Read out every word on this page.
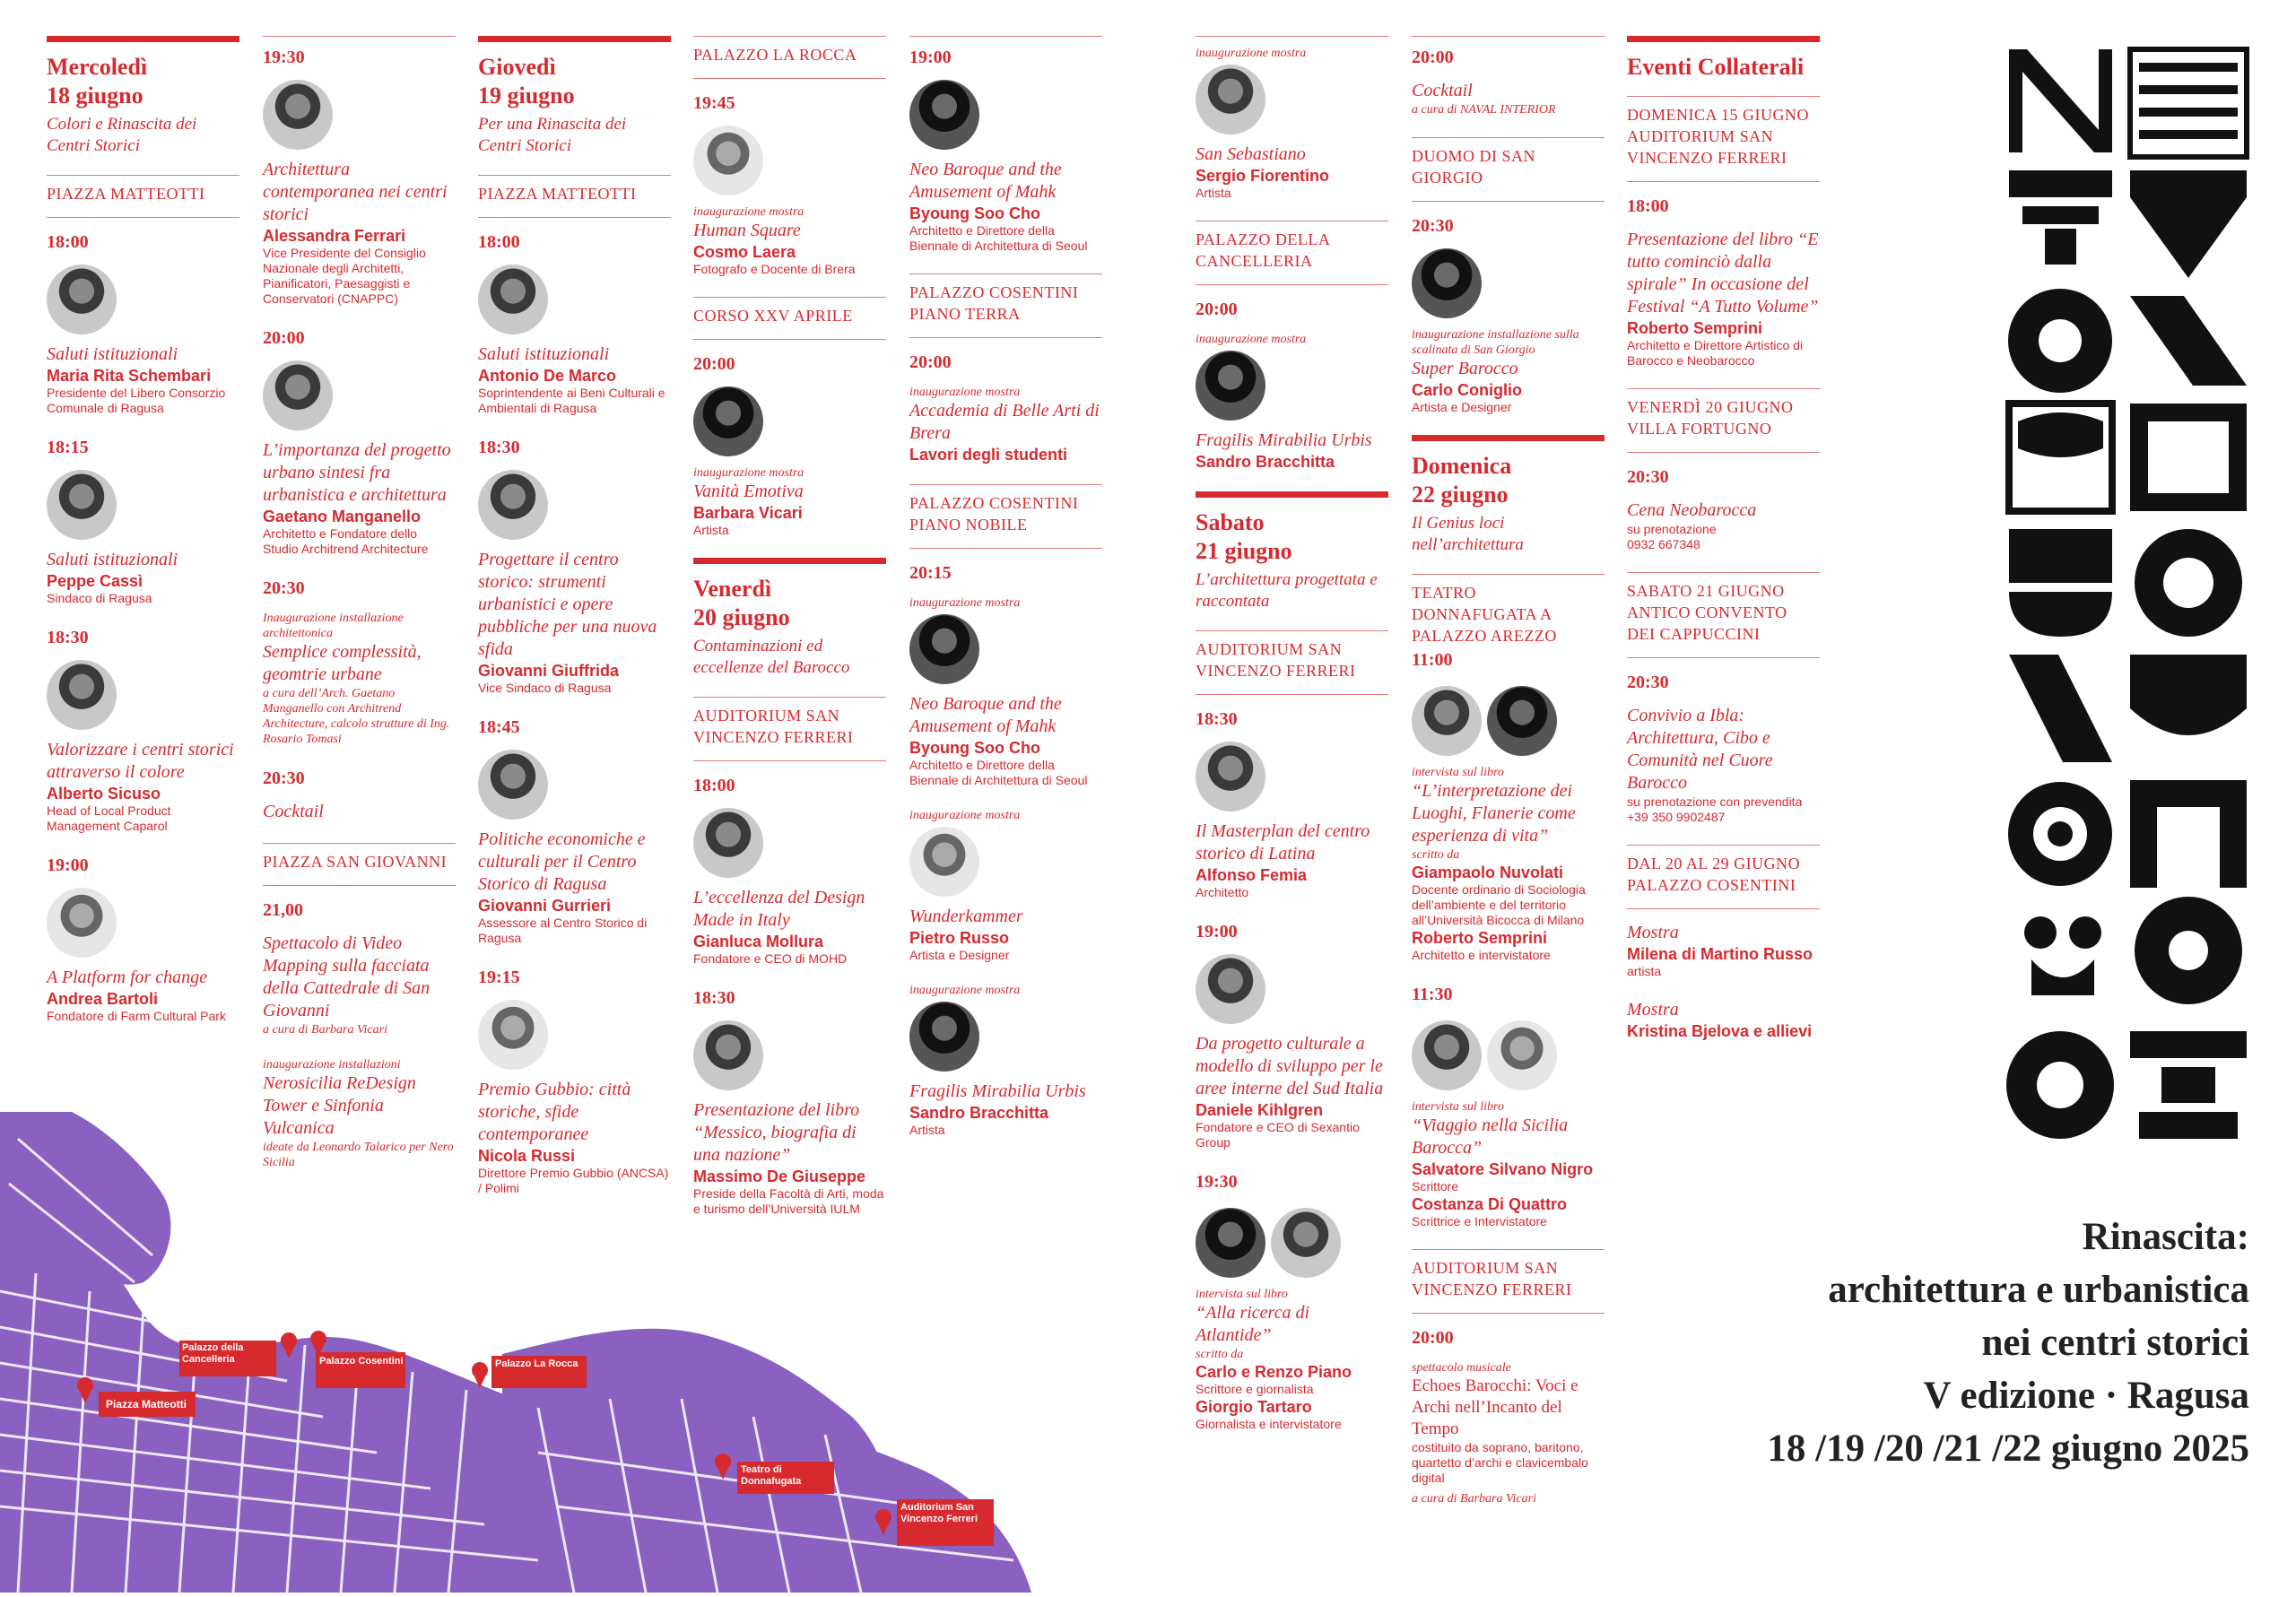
Mercoledì
18 giugno
Colori e Rinascita dei Centri Storici
PIAZZA MATTEOTTI
18:00
Saluti istituzionali
Maria Rita Schembari
Presidente del Libero Consorzio Comunale di Ragusa
18:15
Saluti istituzionali
Peppe Cassì
Sindaco di Ragusa
18:30
Valorizzare i centri storici attraverso il colore
Alberto Sicuso
Head of Local Product Management Caparol
19:00
A Platform for change
Andrea Bartoli
Fondatore di Farm Cultural Park
19:30
Architettura contemporanea nei centri storici
Alessandra Ferrari
Vice Presidente del Consiglio Nazionale degli Architetti, Pianificatori, Paesaggisti e Conservatori (CNAPPC)
20:00
L’importanza del progetto urbano sintesi fra urbanistica e architettura
Gaetano Manganello
Architetto e Fondatore dello Studio Architrend Architecture
20:30
Inaugurazione installazione architettonica
Semplice complessità, geomtrie urbane
a cura dell’Arch. Gaetano Manganello con Architrend Architecture, calcolo strutture di Ing. Rosario Tomasi
20:30
Cocktail
PIAZZA SAN GIOVANNI
21,00
Spettacolo di Video Mapping sulla facciata della Cattedrale di San Giovanni
a cura di Barbara Vicari
inaugurazione installazioni
Nerosicilia ReDesign Tower e Sinfonia Vulcanica
ideate da Leonardo Talarico per Nero Sicilia
Giovedì
19 giugno
Per una Rinascita dei Centri Storici
PIAZZA MATTEOTTI
18:00
Saluti istituzionali
Antonio De Marco
Soprintendente ai Beni Culturali e Ambientali di Ragusa
18:30
Progettare il centro storico: strumenti urbanistici e opere pubbliche per una nuova sfida
Giovanni Giuffrida
Vice Sindaco di Ragusa
18:45
Politiche economiche e culturali per il Centro Storico di Ragusa
Giovanni Gurrieri
Assessore al Centro Storico di Ragusa
19:15
Premio Gubbio: città storiche, sfide contemporanee
Nicola Russi
Direttore Premio Gubbio (ANCSA) / Polimi
PALAZZO LA ROCCA
19:45
inaugurazione mostra
Human Square
Cosmo Laera
Fotografo e Docente di Brera
CORSO XXV APRILE
20:00
inaugurazione mostra
Vanità Emotiva
Barbara Vicari
Artista
Venerdì
20 giugno
Contaminazioni ed eccellenze del Barocco
AUDITORIUM SAN VINCENZO FERRERI
18:00
L’eccellenza del Design Made in Italy
Gianluca Mollura
Fondatore e CEO di MOHD
18:30
Presentazione del libro “Messico, biografia di una nazione”
Massimo De Giuseppe
Preside della Facoltà di Arti, moda e turismo dell’Università IULM
19:00
Neo Baroque and the Amusement of Mahk
Byoung Soo Cho
Architetto e Direttore della Biennale di Architettura di Seoul
PALAZZO COSENTINI PIANO TERRA
20:00
inaugurazione mostra
Accademia di Belle Arti di Brera
Lavori degli studenti
PALAZZO COSENTINI PIANO NOBILE
20:15
inaugurazione mostra
Neo Baroque and the Amusement of Mahk
Byoung Soo Cho
Architetto e Direttore della Biennale di Architettura di Seoul
inaugurazione mostra
Wunderkammer
Pietro Russo
Artista e Designer
inaugurazione mostra
Fragilis Mirabilia Urbis
Sandro Bracchitta
Artista
inaugurazione mostra
San Sebastiano
Sergio Fiorentino
Artista
PALAZZO DELLA CANCELLERIA
20:00
inaugurazione mostra
Fragilis Mirabilia Urbis
Sandro Bracchitta
Sabato
21 giugno
L’architettura progettata e raccontata
AUDITORIUM SAN VINCENZO FERRERI
18:30
Il Masterplan del centro storico di Latina
Alfonso Femia
Architetto
19:00
Da progetto culturale a modello di sviluppo per le aree interne del Sud Italia
Daniele Kihlgren
Fondatore e CEO di Sexantio Group
19:30
intervista sul libro
“Alla ricerca di Atlantide”
scritto da
Carlo e Renzo Piano
Scrittore e giornalista
Giorgio Tartaro
Giornalista e intervistatore
20:00
Cocktail
a cura di NAVAL INTERIOR
DUOMO DI SAN GIORGIO
20:30
inaugurazione installazione sulla scalinata di San Giorgio
Super Barocco
Carlo Coniglio
Artista e Designer
Domenica
22 giugno
Il Genius loci nell’architettura
TEATRO DONNAFUGATA A PALAZZO AREZZO
11:00
intervista sul libro
“L’interpretazione dei Luoghi, Flanerie come esperienza di vita”
scritto da
Giampaolo Nuvolati
Docente ordinario di Sociologia dell’ambiente e del territorio all’Università Bicocca di Milano
Roberto Semprini
Architetto e intervistatore
11:30
intervista sul libro
“Viaggio nella Sicilia Barocca”
Salvatore Silvano Nigro
Scrittore
Costanza Di Quattro
Scrittrice e Intervistatore
AUDITORIUM SAN VINCENZO FERRERI
20:00
spettacolo musicale
Echoes Barocchi: Voci e Archi nell’Incanto del Tempo
costituito da soprano, baritono, quartetto d’archi e clavicembalo digital
a cura di Barbara Vicari
Eventi Collaterali
DOMENICA 15 GIUGNO AUDITORIUM SAN VINCENZO FERRERI
18:00
Presentazione del libro “E tutto cominciò dalla spirale” In occasione del Festival “A Tutto Volume”
Roberto Semprini
Architetto e Direttore Artistico di Barocco e Neobarocco
VENERDÌ 20 GIUGNO VILLA FORTUGNO
20:30
Cena Neobarocca
su prenotazione
0932 667348
SABATO 21 GIUGNO ANTICO CONVENTO DEI CAPPUCCINI
20:30
Convivio a Ibla: Architettura, Cibo e Comunità nel Cuore Barocco
su prenotazione con prevendita
+39 350 9902487
DAL 20 AL 29 GIUGNO PALAZZO COSENTINI
Mostra
Milena di Martino Russo
artista
Mostra
Kristina Bjelova e allievi
Piazza Matteotti
Palazzo della Cancelleria	Palazzo Cosentini	Palazzo La Rocca
Teatro di Donnafugata
Auditorium San Vincenzo Ferreri
Rinascita:
architettura e urbanistica
nei centri storici
V edizione · Ragusa
18 /19 /20 /21 /22 giugno 2025
